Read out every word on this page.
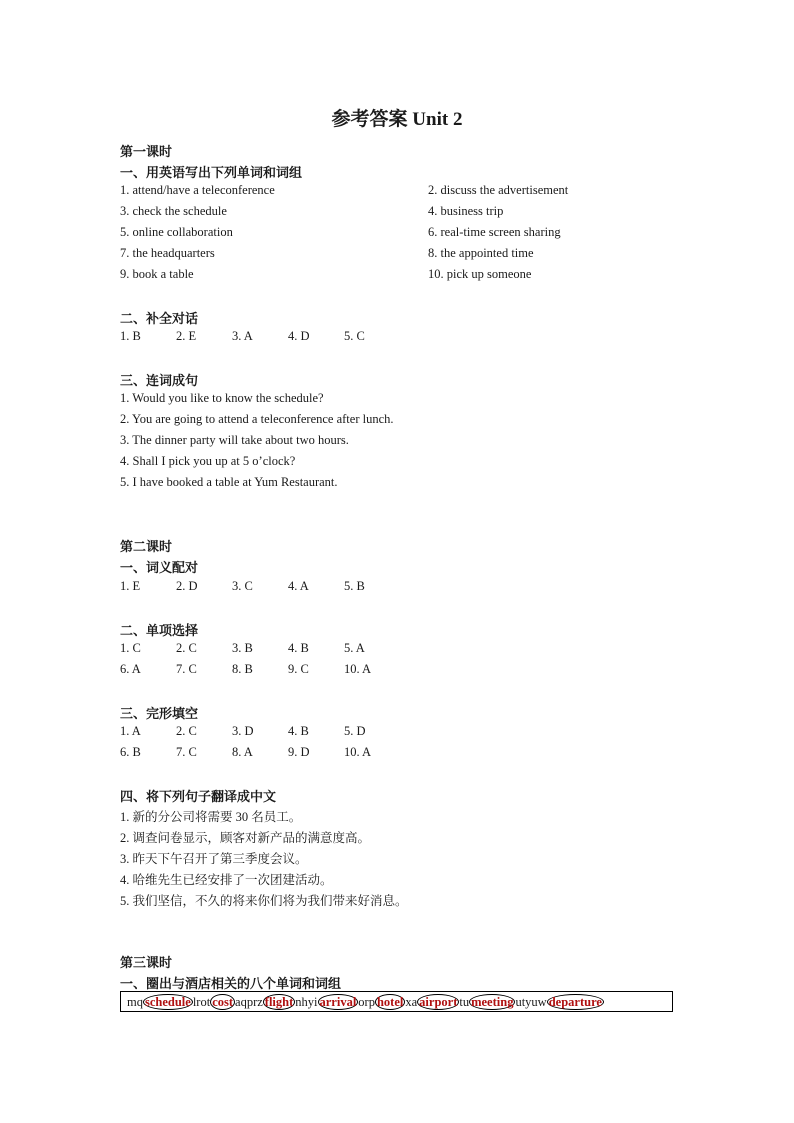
参考答案 Unit 2
第一课时
一、用英语写出下列单词和词组
1. attend/have a teleconference	2. discuss the advertisement
3. check the schedule	4. business trip
5. online collaboration	6. real-time screen sharing
7. the headquarters	8. the appointed time
9. book a table	10. pick up someone
二、补全对话
1. B	2. E	3. A	4. D	5. C
三、连词成句
1. Would you like to know the schedule?
2. You are going to attend a teleconference after lunch.
3. The dinner party will take about two hours.
4. Shall I pick you up at 5 o’clock?
5. I have booked a table at Yum Restaurant.
第二课时
一、词义配对
1. E	2. D	3. C	4. A	5. B
二、单项选择
1. C	2. C	3. B	4. B	5. A
6. A	7. C	8. B	9. C	10. A
三、完形填空
1. A	2. C	3. D	4. B	5. D
6. B	7. C	8. A	9. D	10. A
四、将下列句子翻译成中文
1. 新的分公司将需要 30 名员工。
2. 调查问卷显示，顾客对新产品的满意度高。
3. 昨天下午召开了第三季度会议。
4. 哈维先生已经安排了一次团建活动。
5. 我们坚信，不久的将来你们将为我们带来好消息。
第三课时
一、圈出与酒店相关的八个单词和词组
mq schedule lrot cost aqprz flight nhyi arrival orp hotel xa airport tu meeting utyuw departure
